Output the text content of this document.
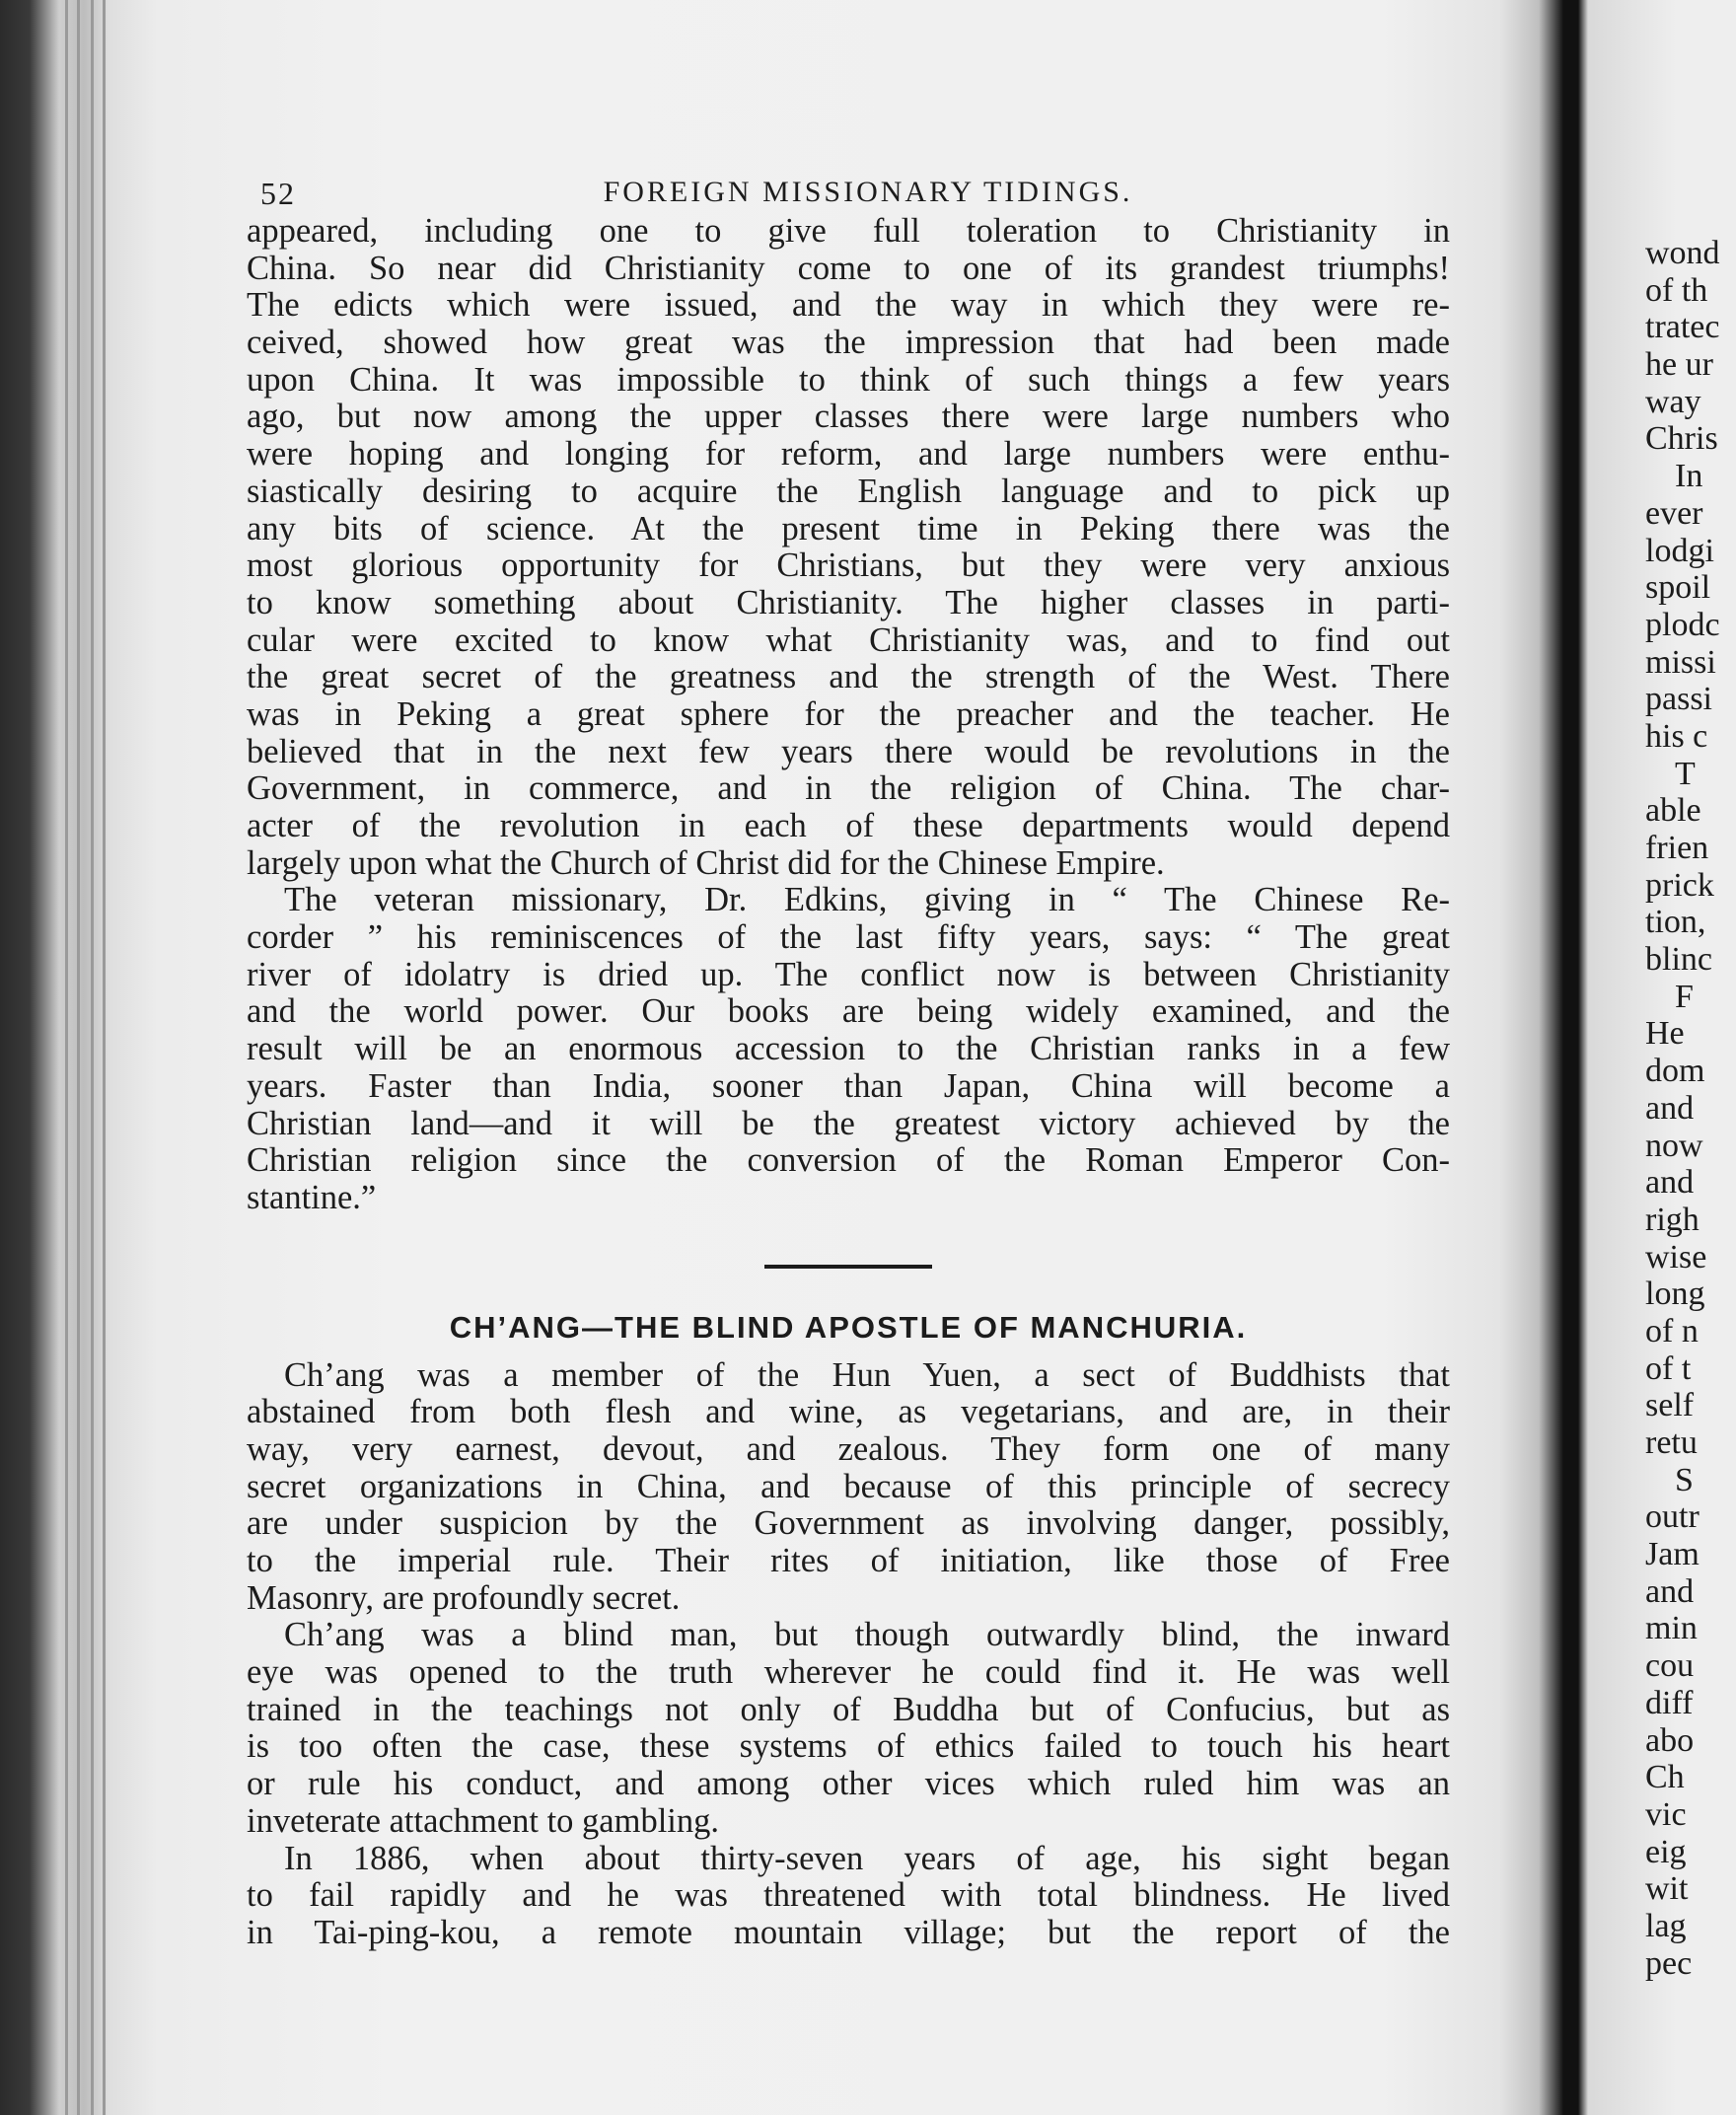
52	FOREIGN MISSIONARY TIDINGS.
appeared, including one to give full toleration to Christianity in
China. So near did Christianity come to one of its grandest triumphs!
The edicts which were issued, and the way in which they were re-
ceived, showed how great was the impression that had been made
upon China. It was impossible to think of such things a few years
ago, but now among the upper classes there were large numbers who
were hoping and longing for reform, and large numbers were enthu-
siastically desiring to acquire the English language and to pick up
any bits of science. At the present time in Peking there was the
most glorious opportunity for Christians, but they were very anxious
to know something about Christianity. The higher classes in parti-
cular were excited to know what Christianity was, and to find out
the great secret of the greatness and the strength of the West. There
was in Peking a great sphere for the preacher and the teacher. He
believed that in the next few years there would be revolutions in the
Government, in commerce, and in the religion of China. The char-
acter of the revolution in each of these departments would depend
largely upon what the Church of Christ did for the Chinese Empire.
The veteran missionary, Dr. Edkins, giving in “ The Chinese Re-
corder ” his reminiscences of the last fifty years, says: “ The great
river of idolatry is dried up. The conflict now is between Christianity
and the world power. Our books are being widely examined, and the
result will be an enormous accession to the Christian ranks in a few
years. Faster than India, sooner than Japan, China will become a
Christian land—and it will be the greatest victory achieved by the
Christian religion since the conversion of the Roman Emperor Con-
stantine.”
CH’ANG—THE BLIND APOSTLE OF MANCHURIA.
Ch’ang was a member of the Hun Yuen, a sect of Buddhists that
abstained from both flesh and wine, as vegetarians, and are, in their
way, very earnest, devout, and zealous. They form one of many
secret organizations in China, and because of this principle of secrecy
are under suspicion by the Government as involving danger, possibly,
to the imperial rule. Their rites of initiation, like those of Free
Masonry, are profoundly secret.
Ch’ang was a blind man, but though outwardly blind, the inward
eye was opened to the truth wherever he could find it. He was well
trained in the teachings not only of Buddha but of Confucius, but as
is too often the case, these systems of ethics failed to touch his heart
or rule his conduct, and among other vices which ruled him was an
inveterate attachment to gambling.
In 1886, when about thirty-seven years of age, his sight began
to fail rapidly and he was threatened with total blindness. He lived
in Tai-ping-kou, a remote mountain village; but the report of the
wond
of th
tratec
he ur
way
Chris
In
ever
lodgi
spoil
plodc
missi
passi
his c
T
able
frien
prick
tion,
blinc
F
He
dom
and
now
and
righ
wise
long
of n
of t
self
retu
S
outr
Jam
and
min
cou
diff
abo
Ch
vic
eig
wit
lag
pec
